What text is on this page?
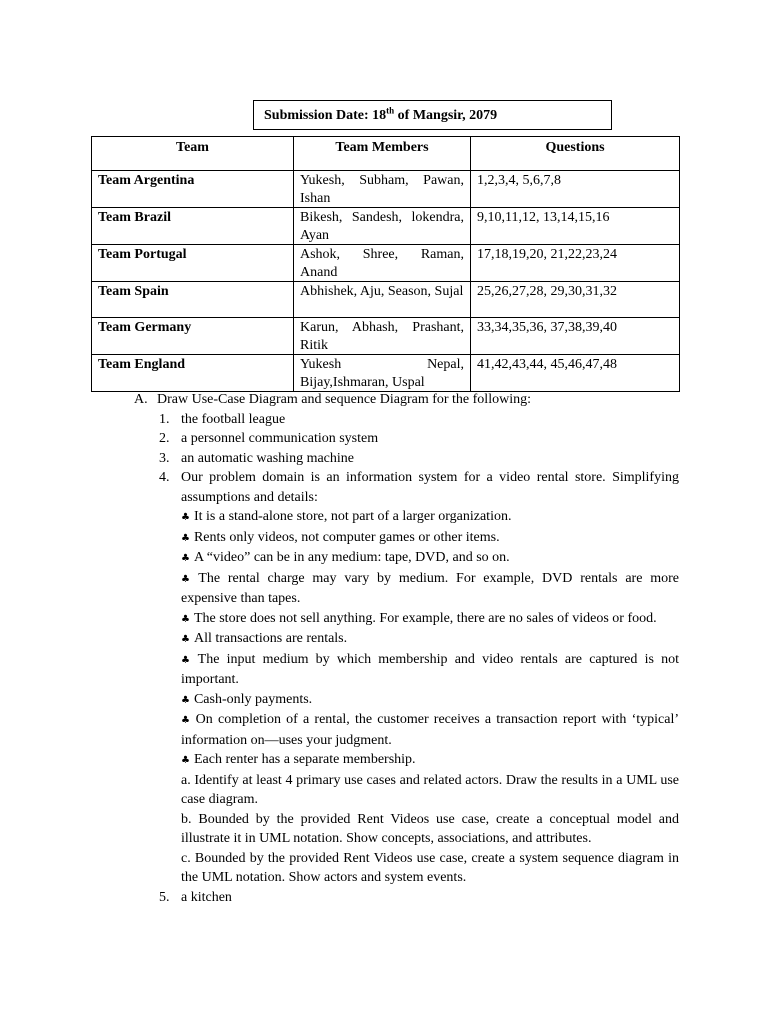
Submission Date: 18th of Mangsir, 2079
Team	Team Members	Questions
Team Argentina	Yukesh, Subham, Pawan, Ishan	1,2,3,4, 5,6,7,8
Team Brazil	Bikesh, Sandesh, lokendra, Ayan	9,10,11,12, 13,14,15,16
Team Portugal	Ashok, Shree, Raman, Anand	17,18,19,20, 21,22,23,24
Team Spain	Abhishek, Aju, Season, Sujal	25,26,27,28, 29,30,31,32
Team Germany	Karun, Abhash, Prashant, Ritik	33,34,35,36, 37,38,39,40
Team England	Yukesh Nepal, Bijay,Ishmaran, Uspal	41,42,43,44, 45,46,47,48
A. Draw Use-Case Diagram and sequence Diagram for the following:
1. the football league
2. a personnel communication system
3. an automatic washing machine
4. Our problem domain is an information system for a video rental store. Simplifying assumptions and details:
♣ It is a stand-alone store, not part of a larger organization.
♣ Rents only videos, not computer games or other items.
♣ A “video” can be in any medium: tape, DVD, and so on.
♣ The rental charge may vary by medium. For example, DVD rentals are more expensive than tapes.
♣ The store does not sell anything. For example, there are no sales of videos or food.
♣ All transactions are rentals.
♣ The input medium by which membership and video rentals are captured is not important.
♣ Cash-only payments.
♣ On completion of a rental, the customer receives a transaction report with ‘typical’ information on—uses your judgment.
♣ Each renter has a separate membership.
a. Identify at least 4 primary use cases and related actors. Draw the results in a UML use case diagram.
b. Bounded by the provided Rent Videos use case, create a conceptual model and illustrate it in UML notation. Show concepts, associations, and attributes.
c. Bounded by the provided Rent Videos use case, create a system sequence diagram in the UML notation. Show actors and system events.
5. a kitchen
